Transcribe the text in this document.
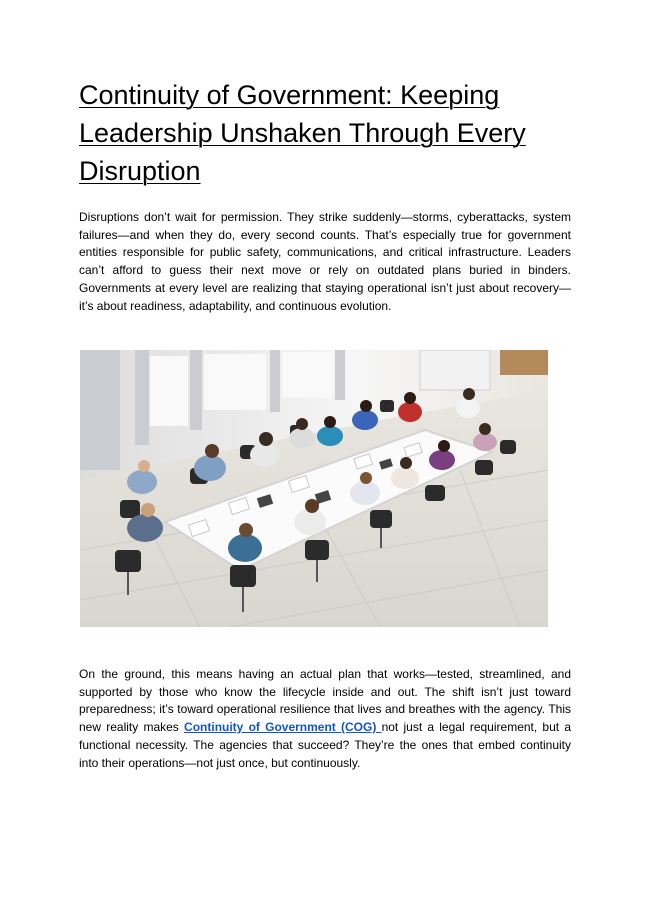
Continuity of Government: Keeping Leadership Unshaken Through Every Disruption

Disruptions don’t wait for permission. They strike suddenly—storms, cyberattacks, system failures—and when they do, every second counts. That’s especially true for government entities responsible for public safety, communications, and critical infrastructure. Leaders can’t afford to guess their next move or rely on outdated plans buried in binders. Governments at every level are realizing that staying operational isn’t just about recovery—it’s about readiness, adaptability, and continuous evolution.

On the ground, this means having an actual plan that works—tested, streamlined, and supported by those who know the lifecycle inside and out. The shift isn’t just toward preparedness; it’s toward operational resilience that lives and breathes with the agency. This new reality makes Continuity of Government (COG) not just a legal requirement, but a functional necessity. The agencies that succeed? They’re the ones that embed continuity into their operations—not just once, but continuously.
